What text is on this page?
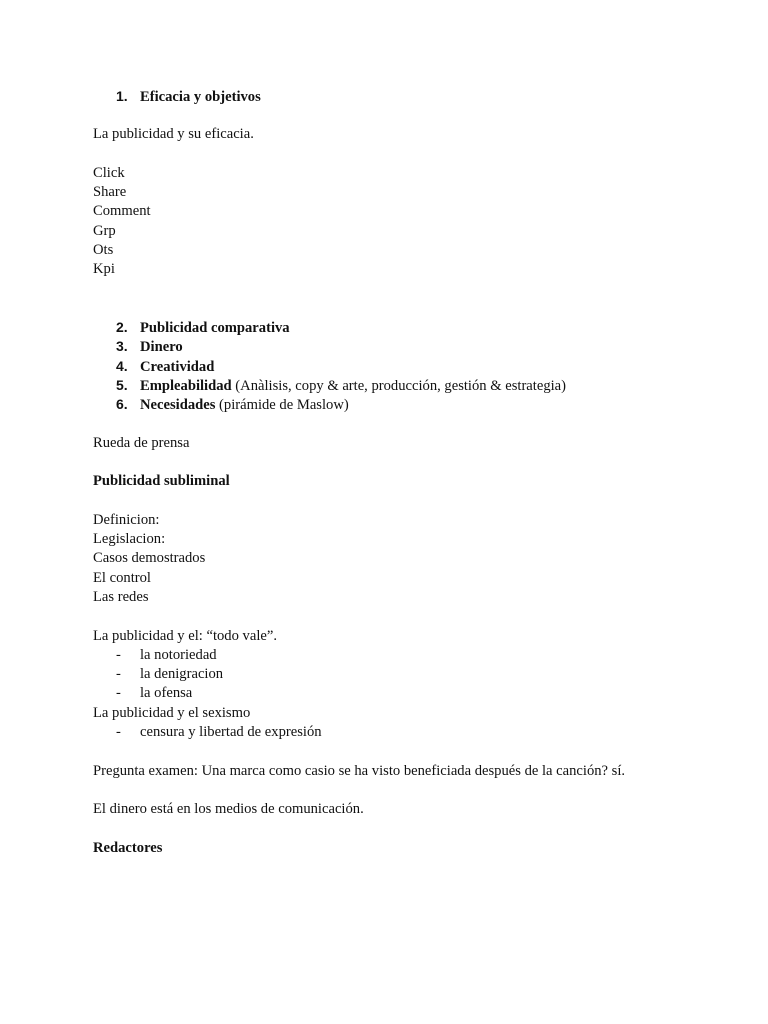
1. Eficacia y objetivos
La publicidad y su eficacia.
Click
Share
Comment
Grp
Ots
Kpi
2. Publicidad comparativa
3. Dinero
4. Creatividad
5. Empleabilidad (Anàlisis, copy & arte, producción, gestión & estrategia)
6. Necesidades (pirámide de Maslow)
Rueda de prensa
Publicidad subliminal
Definicion:
Legislacion:
Casos demostrados
El control
Las redes
La publicidad y el: “todo vale”.
- la notoriedad
- la denigracion
- la ofensa
La publicidad y el sexismo
- censura y libertad de expresión
Pregunta examen: Una marca como casio se ha visto beneficiada después de la canción? sí.
El dinero está en los medios de comunicación.
Redactores
